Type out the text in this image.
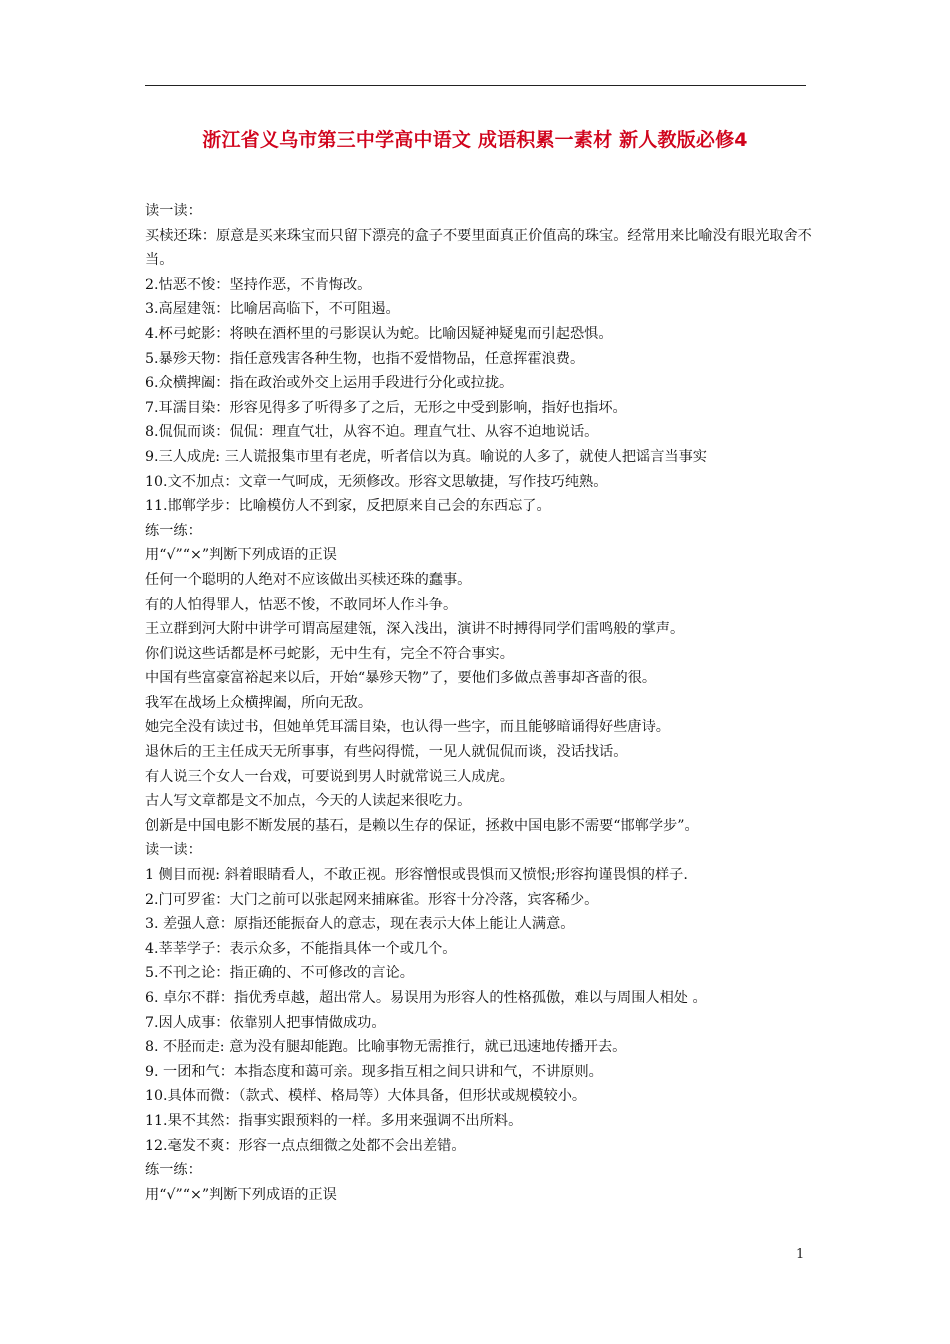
浙江省义乌市第三中学高中语文 成语积累一素材 新人教版必修4
读一读：
买椟还珠：原意是买来珠宝而只留下漂亮的盒子不要里面真正价值高的珠宝。经常用来比喻没有眼光取舍不当。
2.怙恶不悛：坚持作恶，不肯悔改。
3.高屋建瓴：比喻居高临下，不可阻遏。
4.杯弓蛇影：将映在酒杯里的弓影误认为蛇。比喻因疑神疑鬼而引起恐惧。
5.暴殄天物：指任意残害各种生物，也指不爱惜物品，任意挥霍浪费。
6.众横捭阖：指在政治或外交上运用手段进行分化或拉拢。
7.耳濡目染：形容见得多了听得多了之后，无形之中受到影响，指好也指坏。
8.侃侃而谈：侃侃：理直气壮，从容不迫。理直气壮、从容不迫地说话。
9.三人成虎: 三人谎报集市里有老虎，听者信以为真。喻说的人多了，就使人把谣言当事实
10.文不加点：文章一气呵成，无须修改。形容文思敏捷，写作技巧纯熟。
11.邯郸学步：比喻模仿人不到家，反把原来自己会的东西忘了。
练一练：
用“√”“×”判断下列成语的正误
任何一个聪明的人绝对不应该做出买椟还珠的蠢事。
有的人怕得罪人，怙恶不悛，不敢同坏人作斗争。
王立群到河大附中讲学可谓高屋建瓴，深入浅出，演讲不时搏得同学们雷鸣般的掌声。
你们说这些话都是杯弓蛇影，无中生有，完全不符合事实。
中国有些富豪富裕起来以后，开始“暴殄天物”了，要他们多做点善事却吝啬的很。
我军在战场上众横捭阖，所向无敌。
她完全没有读过书，但她单凭耳濡目染，也认得一些字，而且能够暗诵得好些唐诗。
退休后的王主任成天无所事事，有些闷得慌，一见人就侃侃而谈，没话找话。
有人说三个女人一台戏，可要说到男人时就常说三人成虎。
古人写文章都是文不加点，今天的人读起来很吃力。
创新是中国电影不断发展的基石，是赖以生存的保证，拯救中国电影不需要“邯郸学步”。
读一读：
1 侧目而视: 斜着眼睛看人，不敢正视。形容憎恨或畏惧而又愤恨;形容拘谨畏惧的样子.
2.门可罗雀：大门之前可以张起网来捕麻雀。形容十分冷落，宾客稀少。
3. 差强人意：原指还能振奋人的意志，现在表示大体上能让人满意。
4.莘莘学子：表示众多，不能指具体一个或几个。
5.不刊之论：指正确的、不可修改的言论。
6. 卓尔不群：指优秀卓越，超出常人。易误用为形容人的性格孤傲，难以与周围人相处 。
7.因人成事：依靠别人把事情做成功。
8. 不胫而走: 意为没有腿却能跑。比喻事物无需推行，就已迅速地传播开去。
9. 一团和气：本指态度和蔼可亲。现多指互相之间只讲和气，不讲原则。
10.具体而微：（款式、模样、格局等）大体具备，但形状或规模较小。
11.果不其然：指事实跟预料的一样。多用来强调不出所料。
12.毫发不爽：形容一点点细微之处都不会出差错。
练一练：
用“√”“×”判断下列成语的正误
1
